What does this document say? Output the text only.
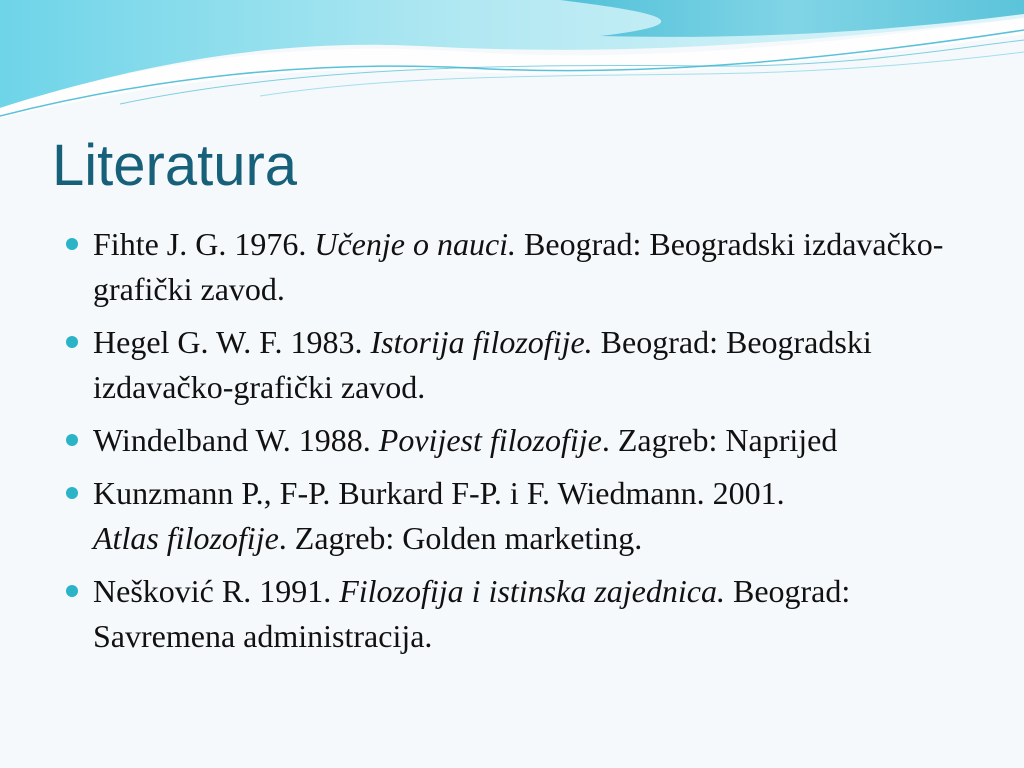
Literatura
Fihte J. G. 1976. Učenje o nauci. Beograd: Beogradski izdavačko-grafički zavod.
Hegel G. W. F. 1983. Istorija filozofije. Beograd: Beogradski izdavačko-grafički zavod.
Windelband W. 1988. Povijest filozofije. Zagreb: Naprijed
Kunzmann P., F-P. Burkard F-P. i F. Wiedmann. 2001.
Atlas filozofije. Zagreb: Golden marketing.
Nešković R. 1991. Filozofija i istinska zajednica. Beograd: Savremena administracija.
